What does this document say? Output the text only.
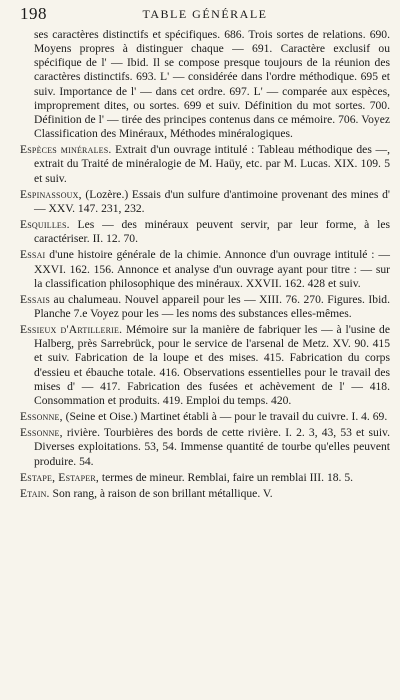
198	TABLE GÉNÉRALE

ses caractères distinctifs et spécifiques. 686. Trois sortes de relations. 690. Moyens propres à distinguer chaque — 691. Caractère exclusif ou spécifique de l' — Ibid. Il se compose presque toujours de la réunion des caractères distinctifs. 693. L' — considérée dans l'ordre méthodique. 695 et suiv. Importance de l' — dans cet ordre. 697. L' — comparée aux espèces, improprement dites, ou sortes. 699 et suiv. Définition du mot sortes. 700. Définition de l' — tirée des principes contenus dans ce mémoire. 706. Voyez Classification des Minéraux, Méthodes minéralogiques.

Espèces minérales. Extrait d'un ouvrage intitulé : Tableau méthodique des —, extrait du Traité de minéralogie de M. Haüy, etc. par M. Lucas. XIX. 109. 5 et suiv.

Espinassoux, (Lozère.) Essais d'un sulfure d'antimoine provenant des mines d' — XXV. 147. 231, 232.

Esquilles. Les — des minéraux peuvent servir, par leur forme, à les caractériser. II. 12. 70.

Essai d'une histoire générale de la chimie. Annonce d'un ouvrage intitulé : — XXVI. 162. 156. Annonce et analyse d'un ouvrage ayant pour titre : — sur la classification philosophique des minéraux. XXVII. 162. 428 et suiv.

Essais au chalumeau. Nouvel appareil pour les — XIII. 76. 270. Figures. Ibid. Planche 7.e Voyez pour les — les noms des substances elles-mêmes.

Essieux d'Artillerie. Mémoire sur la manière de fabriquer les — à l'usine de Halberg, près Sarrebrück, pour le service de l'arsenal de Metz. XV. 90. 415 et suiv. Fabrication de la loupe et des mises. 415. Fabrication du corps d'essieu et ébauche totale. 416. Observations essentielles pour le travail des mises d' — 417. Fabrication des fusées et achèvement de l' — 418. Consommation et produits. 419. Emploi du temps. 420.

Essonne, (Seine et Oise.) Martinet établi à — pour le travail du cuivre. I. 4. 69.

Essonne, rivière. Tourbières des bords de cette rivière. I. 2. 3, 43, 53 et suiv. Diverses exploitations. 53, 54. Immense quantité de tourbe qu'elles peuvent produire. 54.

Estape, Estaper, termes de mineur. Remblai, faire un remblai III. 18. 5.

Etain. Son rang, à raison de son brillant métallique. V.
